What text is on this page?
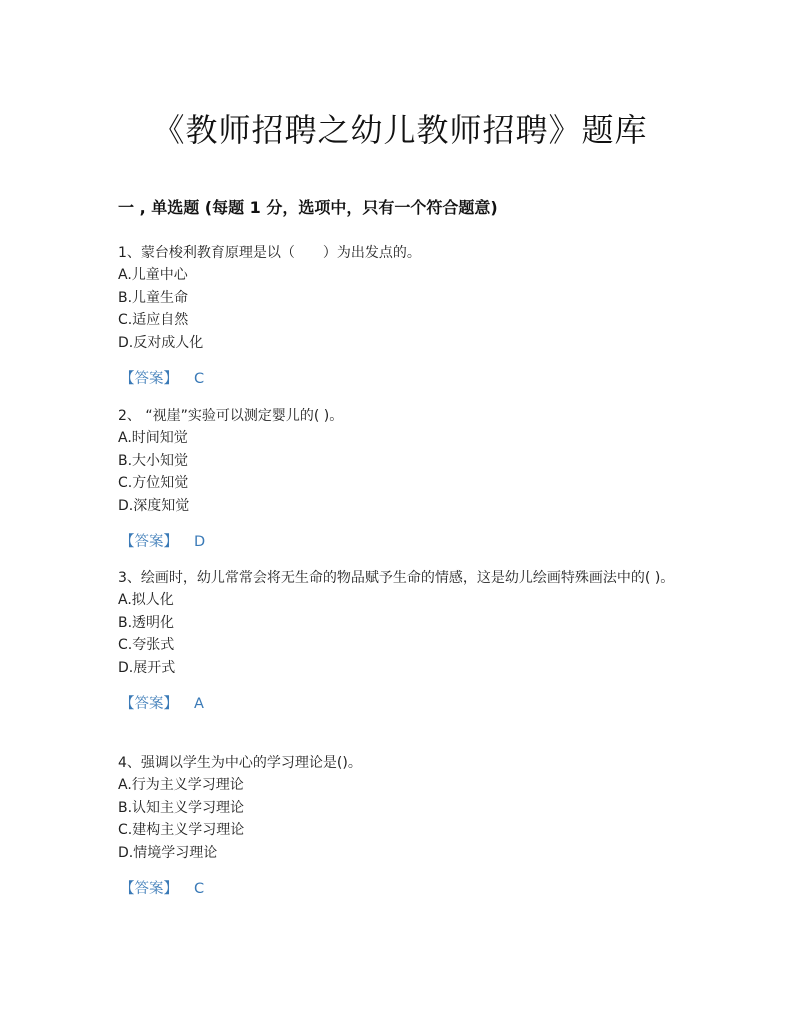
《教师招聘之幼儿教师招聘》题库
一 , 单选题 (每题 1 分，选项中，只有一个符合题意)

1、蒙台梭利教育原理是以（　　）为出发点的。

A.儿童中心

B.儿童生命

C.适应自然

D.反对成人化

【答案】 C

2、 “视崖”实验可以测定婴儿的( )。

A.时间知觉

B.大小知觉

C.方位知觉

D.深度知觉

【答案】 D

3、绘画时，幼儿常常会将无生命的物品赋予生命的情感，这是幼儿绘画特殊画法中的( )。

A.拟人化

B.透明化

C.夸张式

D.展开式

【答案】 A

4、强调以学生为中心的学习理论是()。

A.行为主义学习理论

B.认知主义学习理论

C.建构主义学习理论

D.情境学习理论

【答案】 C
